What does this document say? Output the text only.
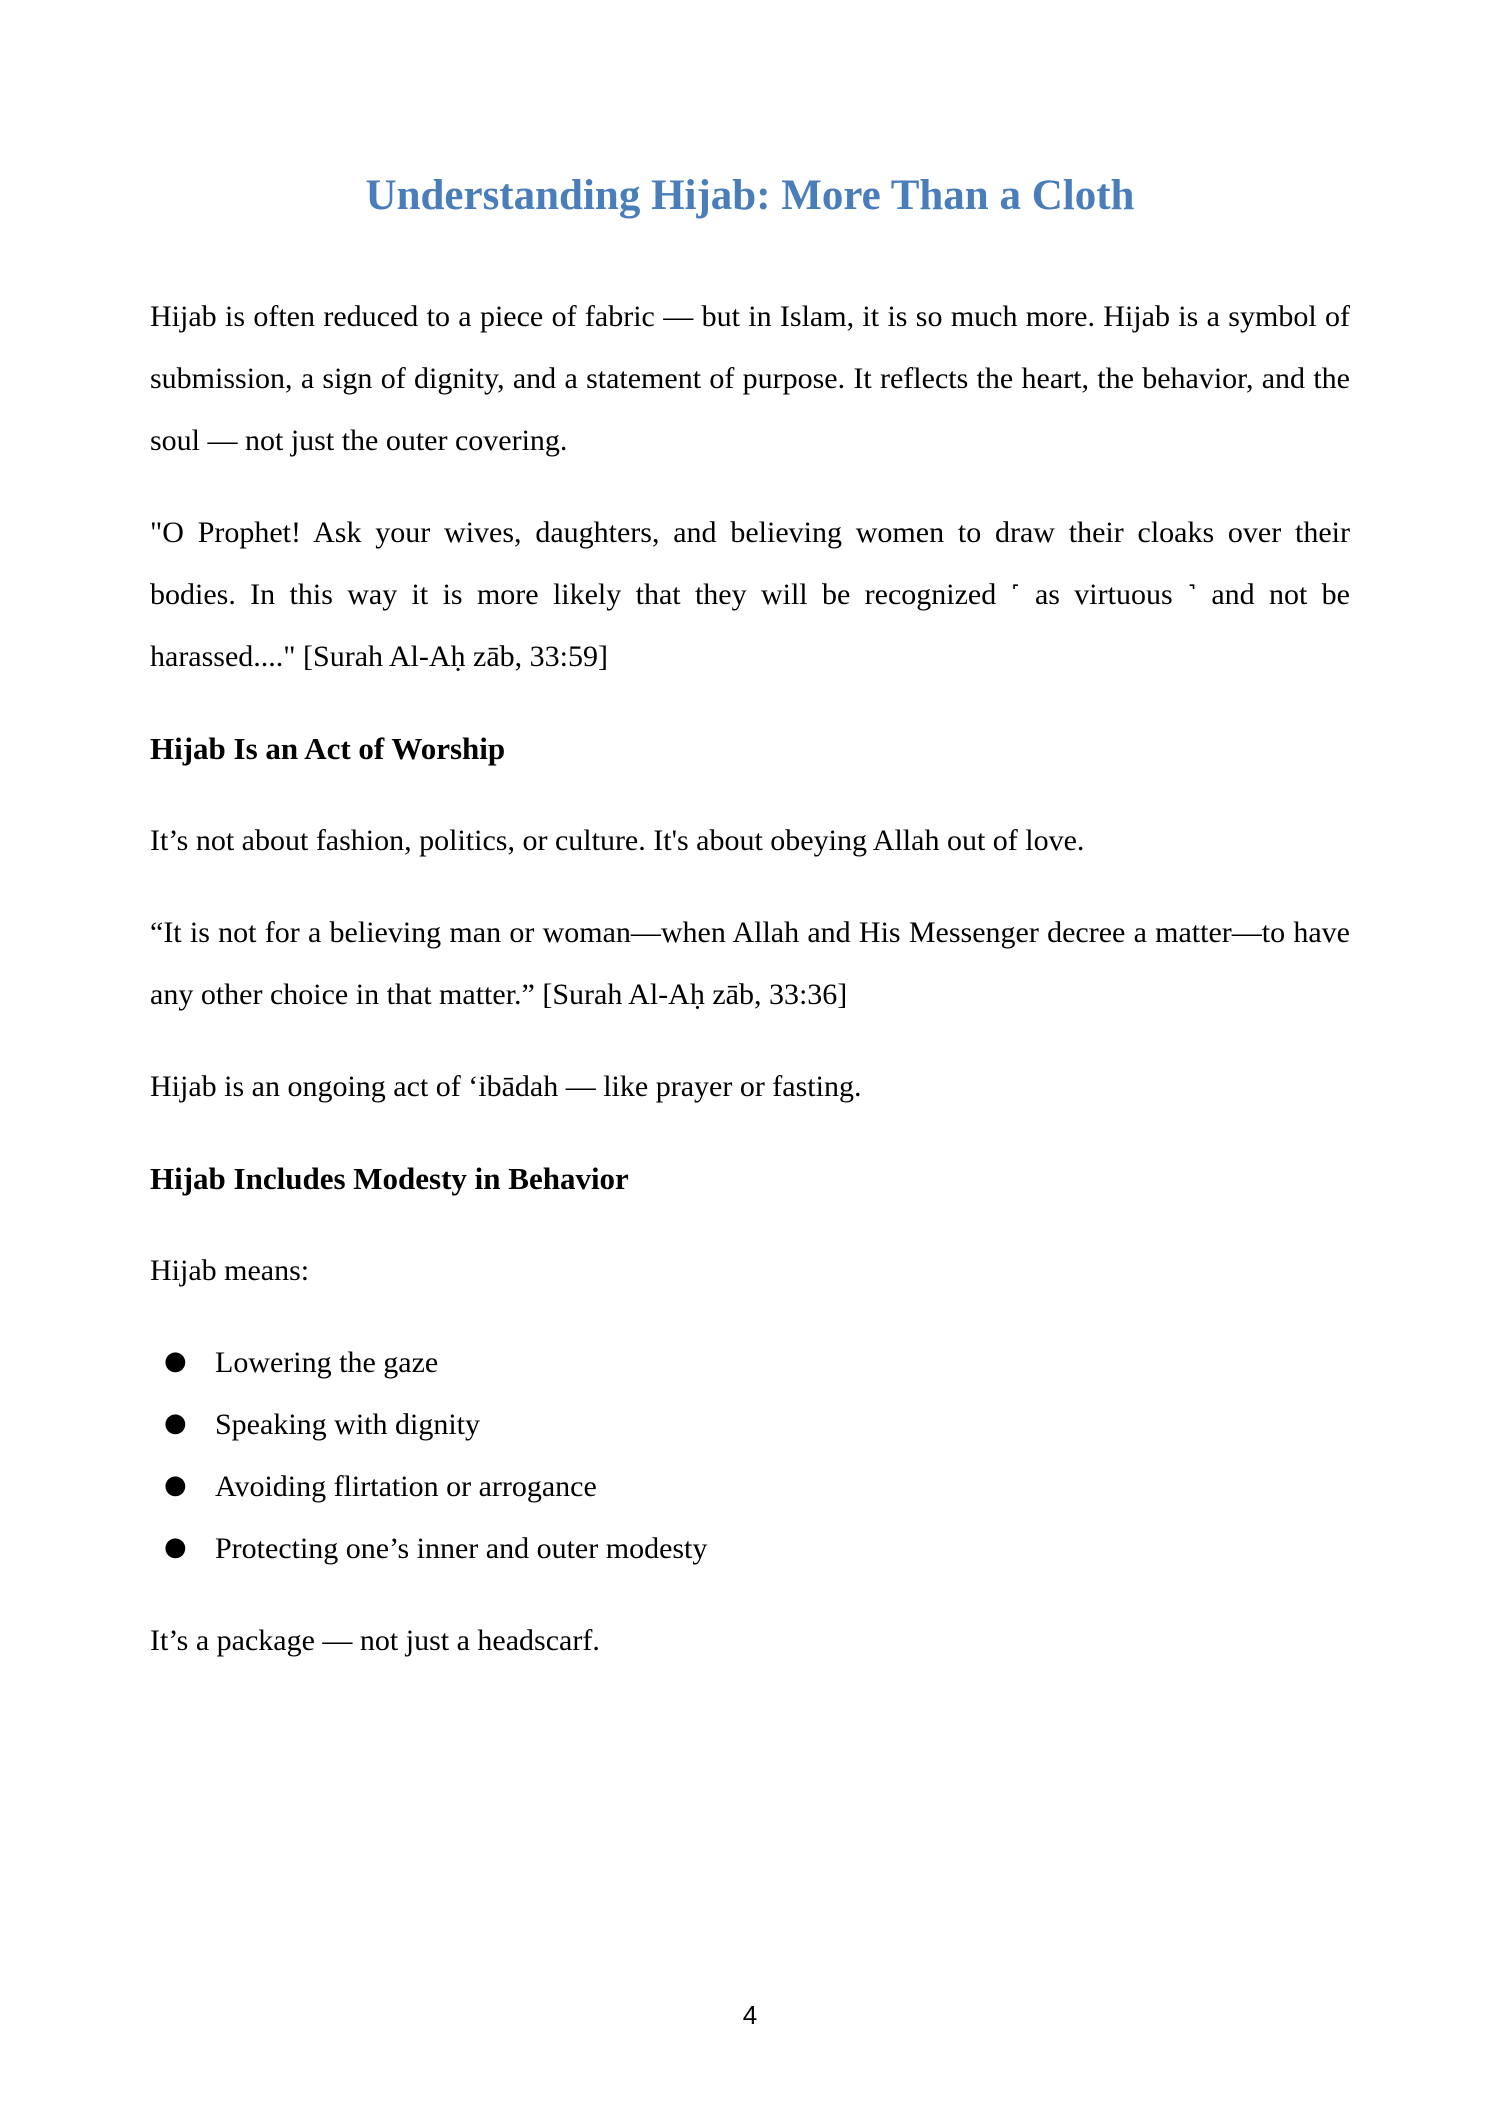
Understanding Hijab: More Than a Cloth

Hijab is often reduced to a piece of fabric — but in Islam, it is so much more. Hijab is a symbol of submission, a sign of dignity, and a statement of purpose. It reflects the heart, the behavior, and the soul — not just the outer covering.

"O Prophet! Ask your wives, daughters, and believing women to draw their cloaks over their bodies. In this way it is more likely that they will be recognized ˹ as virtuous ˺ and not be harassed...." [Surah Al-Aḥ zāb, 33:59]

Hijab Is an Act of Worship

It’s not about fashion, politics, or culture. It's about obeying Allah out of love.

“It is not for a believing man or woman—when Allah and His Messenger decree a matter—to have any other choice in that matter.” [Surah Al-Aḥ zāb, 33:36]

Hijab is an ongoing act of ‘ibādah — like prayer or fasting.

Hijab Includes Modesty in Behavior

Hijab means:

● Lowering the gaze
● Speaking with dignity
● Avoiding flirtation or arrogance
● Protecting one’s inner and outer modesty

It’s a package — not just a headscarf.

4
